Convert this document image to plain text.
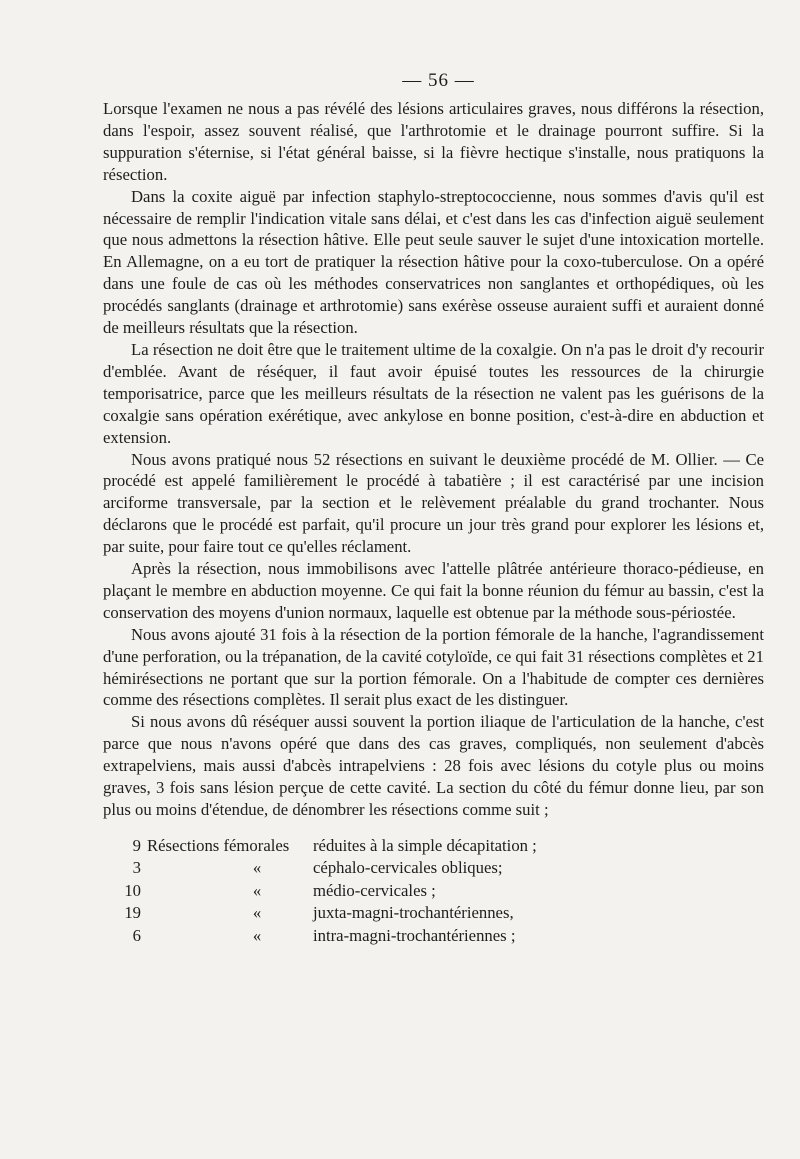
— 56 —

Lorsque l'examen ne nous a pas révélé des lésions articulaires graves, nous différons la résection, dans l'espoir, assez souvent réalisé, que l'arthrotomie et le drainage pourront suffire. Si la suppuration s'éternise, si l'état général baisse, si la fièvre hectique s'installe, nous pratiquons la résection.

Dans la coxite aiguë par infection staphylo-streptococcienne, nous sommes d'avis qu'il est nécessaire de remplir l'indication vitale sans délai, et c'est dans les cas d'infection aiguë seulement que nous admettons la résection hâtive. Elle peut seule sauver le sujet d'une intoxication mortelle. En Allemagne, on a eu tort de pratiquer la résection hâtive pour la coxo-tuberculose. On a opéré dans une foule de cas où les méthodes conservatrices non sanglantes et orthopédiques, où les procédés sanglants (drainage et arthrotomie) sans exérèse osseuse auraient suffi et auraient donné de meilleurs résultats que la résection.

La résection ne doit être que le traitement ultime de la coxalgie. On n'a pas le droit d'y recourir d'emblée. Avant de réséquer, il faut avoir épuisé toutes les ressources de la chirurgie temporisatrice, parce que les meilleurs résultats de la résection ne valent pas les guérisons de la coxalgie sans opération exérétique, avec ankylose en bonne position, c'est-à-dire en abduction et extension.

Nous avons pratiqué nous 52 résections en suivant le deuxième procédé de M. Ollier. — Ce procédé est appelé familièrement le procédé à tabatière ; il est caractérisé par une incision arciforme transversale, par la section et le relèvement préalable du grand trochanter. Nous déclarons que le procédé est parfait, qu'il procure un jour très grand pour explorer les lésions et, par suite, pour faire tout ce qu'elles réclament.

Après la résection, nous immobilisons avec l'attelle plâtrée antérieure thoraco-pédieuse, en plaçant le membre en abduction moyenne. Ce qui fait la bonne réunion du fémur au bassin, c'est la conservation des moyens d'union normaux, laquelle est obtenue par la méthode sous-périostée.

Nous avons ajouté 31 fois à la résection de la portion fémorale de la hanche, l'agrandissement d'une perforation, ou la trépanation, de la cavité cotyloïde, ce qui fait 31 résections complètes et 21 hémirésections ne portant que sur la portion fémorale. On a l'habitude de compter ces dernières comme des résections complètes. Il serait plus exact de les distinguer.

Si nous avons dû réséquer aussi souvent la portion iliaque de l'articulation de la hanche, c'est parce que nous n'avons opéré que dans des cas graves, compliqués, non seulement d'abcès extrapelviens, mais aussi d'abcès intrapelviens : 28 fois avec lésions du cotyle plus ou moins graves, 3 fois sans lésion perçue de cette cavité. La section du côté du fémur donne lieu, par son plus ou moins d'étendue, de dénombrer les résections comme suit ;

9 Résections fémorales	réduites à la simple décapitation ;
3	«	céphalo-cervicales obliques;
10	«	médio-cervicales ;
19	«	juxta-magni-trochantériennes,
6	«	intra-magni-trochantériennes ;
